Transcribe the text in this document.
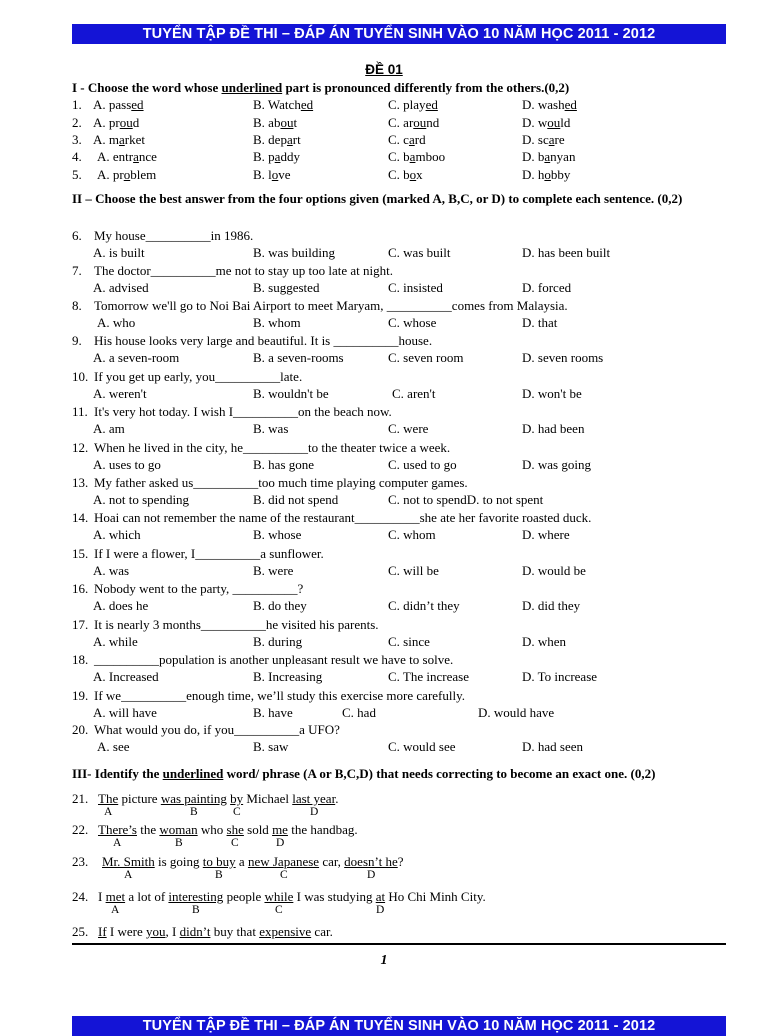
TUYỂN TẬP ĐỀ THI – ĐÁP ÁN TUYỂN SINH VÀO 10 NĂM HỌC 2011 - 2012
ĐỀ 01
I - Choose the word whose underlined part is pronounced differently from the others.(0,2)
1. A. passed	B. Watched	C. played	D. washed
2. A. proud	B. about	C. around	D. would
3. A. market	B. depart	C. card	D. scare
4. A. entrance	B. paddy	C. bamboo	D. banyan
5. A. problem	B. love	C. box	D. hobby
II – Choose the best answer from the four options given (marked A, B,C, or D) to complete each sentence. (0,2)
6. My house__________in 1986.
A. is built	B. was building	C. was built	D. has been built
7. The doctor__________me not to stay up too late at night.
A. advised	B. suggested	C. insisted	D. forced
8. Tomorrow we'll go to Noi Bai Airport to meet Maryam, __________comes from Malaysia.
A. who	B. whom	C. whose	D. that
9. His house looks very large and beautiful. It is __________house.
A. a seven-room	B. a seven-rooms	C. seven room	D. seven rooms
10. If you get up early, you__________late.
A. weren't	B. wouldn't be	C. aren't	D. won't be
11. It's very hot today. I wish I__________on the beach now.
A. am	B. was	C. were	D. had been
12. When he lived in the city, he__________to the theater twice a week.
A. uses to go	B. has gone	C. used to go	D. was going
13. My father asked us__________too much time playing computer games.
A. not to spending	B. did not spend	C. not to spendD. to not spent
14. Hoai can not remember the name of the restaurant__________she ate her favorite roasted duck.
A. which	B. whose	C. whom	D. where
15. If I were a flower, I__________a sunflower.
A. was	B. were	C. will be	D. would be
16. Nobody went to the party, __________?
A. does he	B. do they	C. didn’t they	D. did they
17. It is nearly 3 months__________he visited his parents.
A. while	B. during	C. since	D. when
18. __________population is another unpleasant result we have to solve.
A. Increased	B. Increasing	C. The increase	D. To increase
19. If we__________enough time, we’ll study this exercise more carefully.
A. will have	B. have	C. had	D. would have
20. What would you do, if you__________a UFO?
A. see	B. saw	C. would see	D. had seen
III- Identify the underlined word/ phrase (A or B,C,D) that needs correcting to become an exact one. (0,2)
21. The picture was painting by Michael last year.
A	B	C	D
22. There’s the woman who she sold me the handbag.
A	B	C	D
23. Mr. Smith is going to buy a new Japanese car, doesn’t he?
A	B	C	D
24. I met a lot of interesting people while I was studying at Ho Chi Minh City.
A	B	C	D
25. If I were you, I didn’t buy that expensive car.
1
TUYỂN TẬP ĐỀ THI – ĐÁP ÁN TUYỂN SINH VÀO 10 NĂM HỌC 2011 - 2012
